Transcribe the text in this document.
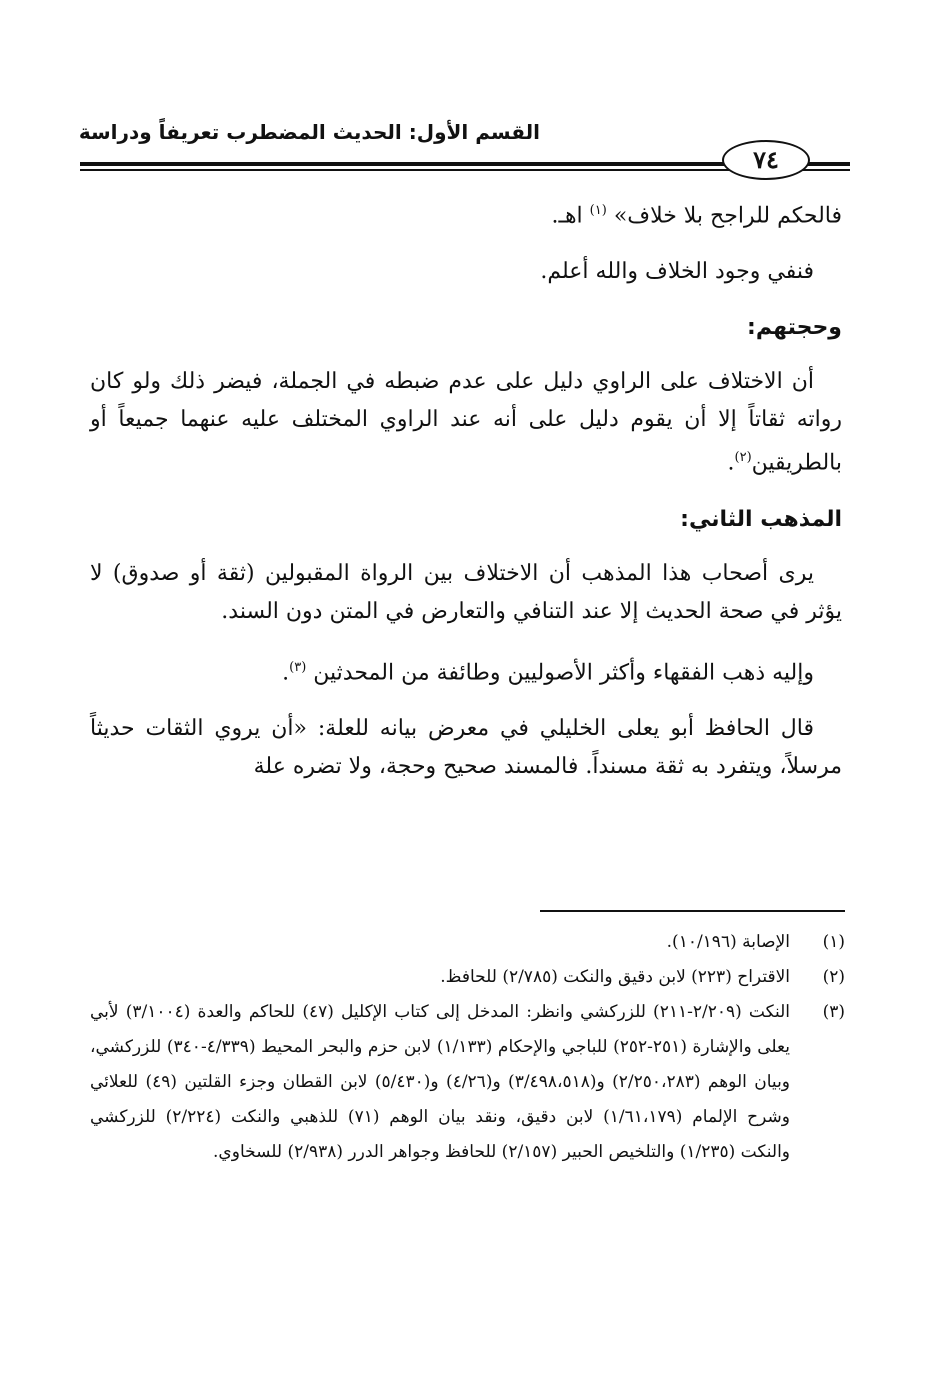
القسم الأول: الحديث المضطرب تعريفاً ودراسة
٧٤

فالحكم للراجح بلا خلاف» $^{(١)}$ اهـ.

فنفي وجود الخلاف والله أعلم.

وحجتهم:

أن الاختلاف على الراوي دليل على عدم ضبطه في الجملة، فيضر ذلك ولو كان رواته ثقاتاً إلا أن يقوم دليل على أنه عند الراوي المختلف عليه عنهما جميعاً أو بالطريقين$^{(٢)}$.

المذهب الثاني:

يرى أصحاب هذا المذهب أن الاختلاف بين الرواة المقبولين (ثقة أو صدوق) لا يؤثر في صحة الحديث إلا عند التنافي والتعارض في المتن دون السند.

وإليه ذهب الفقهاء وأكثر الأصوليين وطائفة من المحدثين $^{(٣)}$.

قال الحافظ أبو يعلى الخليلي في معرض بيانه للعلة: «أن يروي الثقات حديثاً مرسلاً، ويتفرد به ثقة مسنداً. فالمسند صحيح وحجة، ولا تضره علة

(١)
الإصابة (١٠/١٩٦).
(٢)
الاقتراح (٢٢٣) لابن دقيق والنكت (٢/٧٨٥) للحافظ.
(٣)
النكت (٢/٢٠٩-٢١١) للزركشي وانظر: المدخل إلى كتاب الإكليل (٤٧) للحاكم والعدة (٣/١٠٠٤) لأبي يعلى والإشارة (٢٥١-٢٥٢) للباجي والإحكام (١/١٣٣) لابن حزم والبحر المحيط (٤/٣٣٩-٣٤٠) للزركشي، وبيان الوهم (٢/٢٥٠،٢٨٣) و(٣/٤٩٨،٥١٨) و(٤/٢٦) و(٥/٤٣٠) لابن القطان وجزء القلتين (٤٩) للعلائي وشرح الإلمام (١/٦١،١٧٩) لابن دقيق، ونقد بيان الوهم (٧١) للذهبي والنكت (٢/٢٢٤) للزركشي والنكت (١/٢٣٥) والتلخيص الحبير (٢/١٥٧) للحافظ وجواهر الدرر (٢/٩٣٨) للسخاوي.
